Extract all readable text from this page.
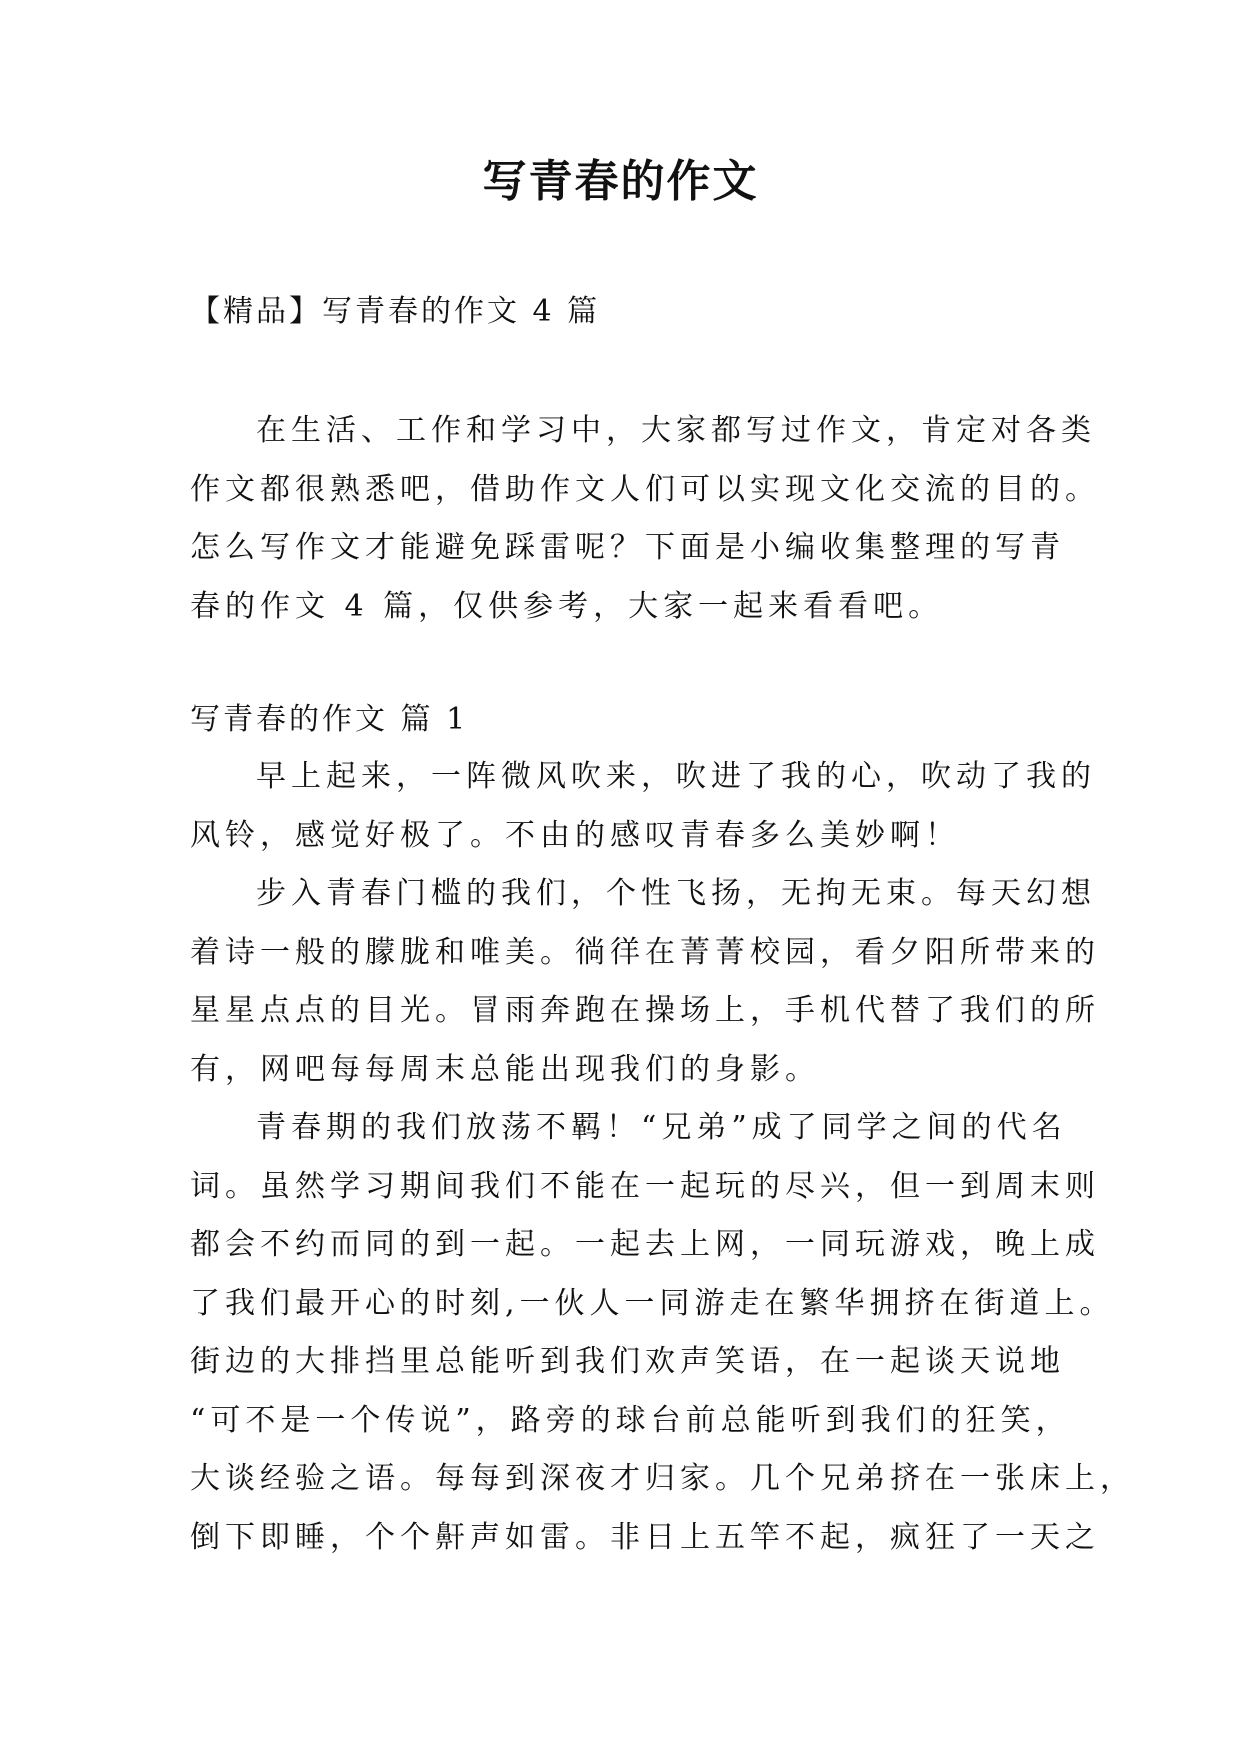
写青春的作文

【精品】写青春的作文 4 篇

在生活、工作和学习中，大家都写过作文，肯定对各类
作文都很熟悉吧，借助作文人们可以实现文化交流的目的。
怎么写作文才能避免踩雷呢？下面是小编收集整理的写青
春的作文 4 篇，仅供参考，大家一起来看看吧。

写青春的作文 篇 1

早上起来，一阵微风吹来，吹进了我的心，吹动了我的
风铃，感觉好极了。不由的感叹青春多么美妙啊！
步入青春门槛的我们，个性飞扬，无拘无束。每天幻想
着诗一般的朦胧和唯美。徜徉在菁菁校园，看夕阳所带来的
星星点点的目光。冒雨奔跑在操场上，手机代替了我们的所
有，网吧每每周末总能出现我们的身影。
青春期的我们放荡不羁！“兄弟”成了同学之间的代名
词。虽然学习期间我们不能在一起玩的尽兴，但一到周末则
都会不约而同的到一起。一起去上网，一同玩游戏，晚上成
了我们最开心的时刻,一伙人一同游走在繁华拥挤在街道上。
街边的大排挡里总能听到我们欢声笑语，在一起谈天说地
“可不是一个传说”，路旁的球台前总能听到我们的狂笑，
大谈经验之语。每每到深夜才归家。几个兄弟挤在一张床上，
倒下即睡，个个鼾声如雷。非日上五竿不起，疯狂了一天之
